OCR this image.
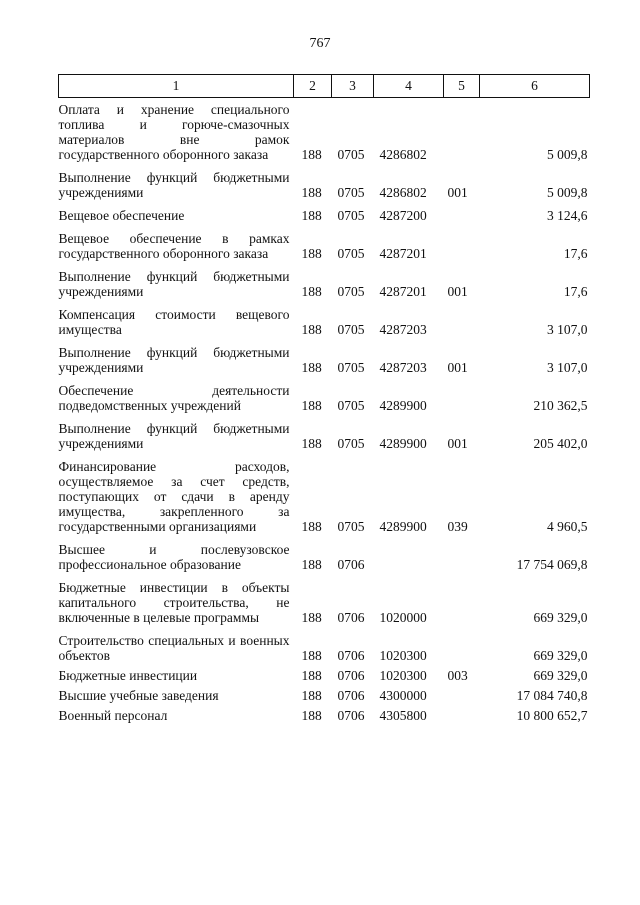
767
1	2	3	4	5	6

Оплата и хранение специального топлива и горюче-смазочных материалов вне рамок государственного оборонного заказа	188	0705	4286802		5 009,8

Выполнение функций бюджетными учреждениями	188	0705	4286802	001	5 009,8

Вещевое обеспечение	188	0705	4287200		3 124,6

Вещевое обеспечение в рамках государственного оборонного заказа	188	0705	4287201		17,6

Выполнение функций бюджетными учреждениями	188	0705	4287201	001	17,6

Компенсация стоимости вещевого имущества	188	0705	4287203		3 107,0

Выполнение функций бюджетными учреждениями	188	0705	4287203	001	3 107,0

Обеспечение деятельности подведомственных учреждений	188	0705	4289900		210 362,5

Выполнение функций бюджетными учреждениями	188	0705	4289900	001	205 402,0

Финансирование расходов, осуществляемое за счет средств, поступающих от сдачи в аренду имущества, закрепленного за государственными организациями	188	0705	4289900	039	4 960,5

Высшее и послевузовское профессиональное образование	188	0706			17 754 069,8

Бюджетные инвестиции в объекты капитального строительства, не включенные в целевые программы	188	0706	1020000		669 329,0

Строительство специальных и военных объектов	188	0706	1020300		669 329,0

Бюджетные инвестиции	188	0706	1020300	003	669 329,0

Высшие учебные заведения	188	0706	4300000		17 084 740,8

Военный персонал	188	0706	4305800		10 800 652,7
